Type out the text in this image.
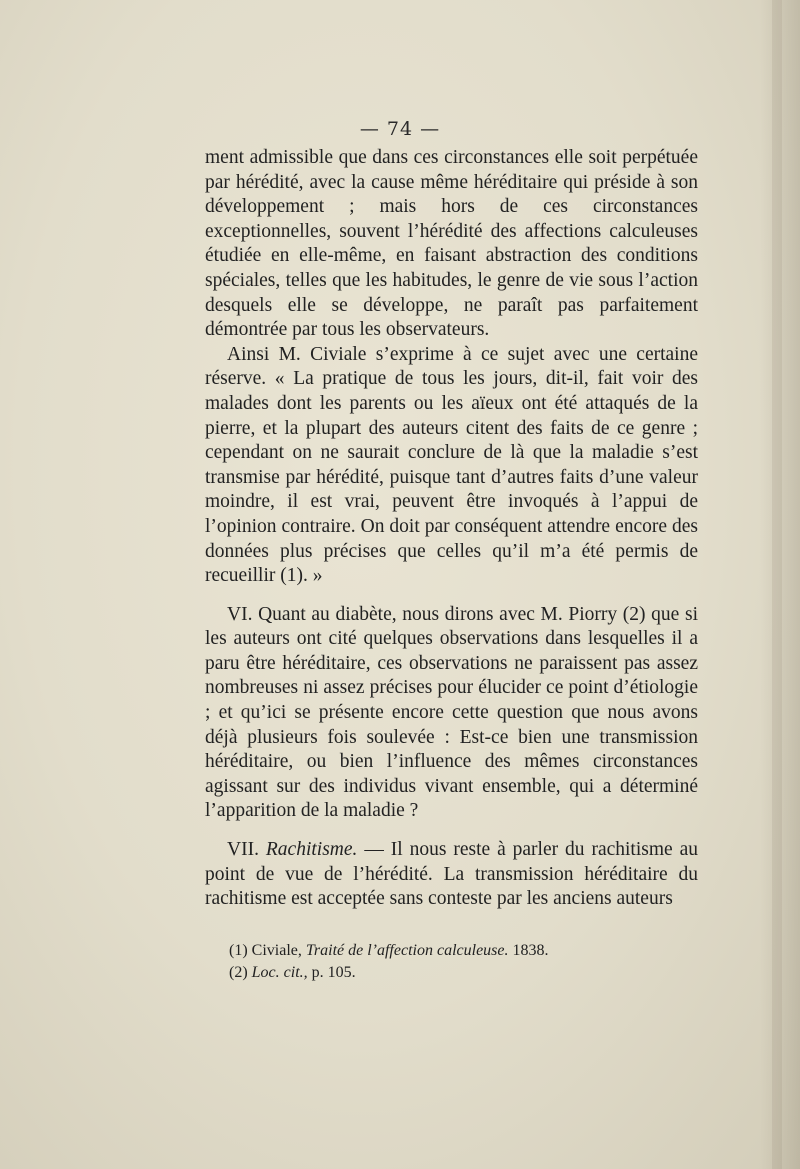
— 74 —

ment admissible que dans ces circonstances elle soit perpétuée par hérédité, avec la cause même héréditaire qui préside à son développement ; mais hors de ces circonstances exceptionnelles, souvent l’hérédité des affections calculeuses étudiée en elle-même, en faisant abstraction des conditions spéciales, telles que les habitudes, le genre de vie sous l’action desquels elle se développe, ne paraît pas parfaitement démontrée par tous les observateurs.

Ainsi M. Civiale s’exprime à ce sujet avec une certaine réserve. « La pratique de tous les jours, dit-il, fait voir des malades dont les parents ou les aïeux ont été attaqués de la pierre, et la plupart des auteurs citent des faits de ce genre ; cependant on ne saurait conclure de là que la maladie s’est transmise par hérédité, puisque tant d’autres faits d’une valeur moindre, il est vrai, peuvent être invoqués à l’appui de l’opinion contraire. On doit par conséquent attendre encore des données plus précises que celles qu’il m’a été permis de recueillir (1). »

VI. Quant au diabète, nous dirons avec M. Piorry (2) que si les auteurs ont cité quelques observations dans lesquelles il a paru être héréditaire, ces observations ne paraissent pas assez nombreuses ni assez précises pour élucider ce point d’étiologie ; et qu’ici se présente encore cette question que nous avons déjà plusieurs fois soulevée : Est-ce bien une transmission héréditaire, ou bien l’influence des mêmes circonstances agissant sur des individus vivant ensemble, qui a déterminé l’apparition de la maladie ?

VII. Rachitisme. — Il nous reste à parler du rachitisme au point de vue de l’hérédité. La transmission héréditaire du rachitisme est acceptée sans conteste par les anciens auteurs

(1) Civiale, Traité de l’affection calculeuse. 1838.

(2) Loc. cit., p. 105.
